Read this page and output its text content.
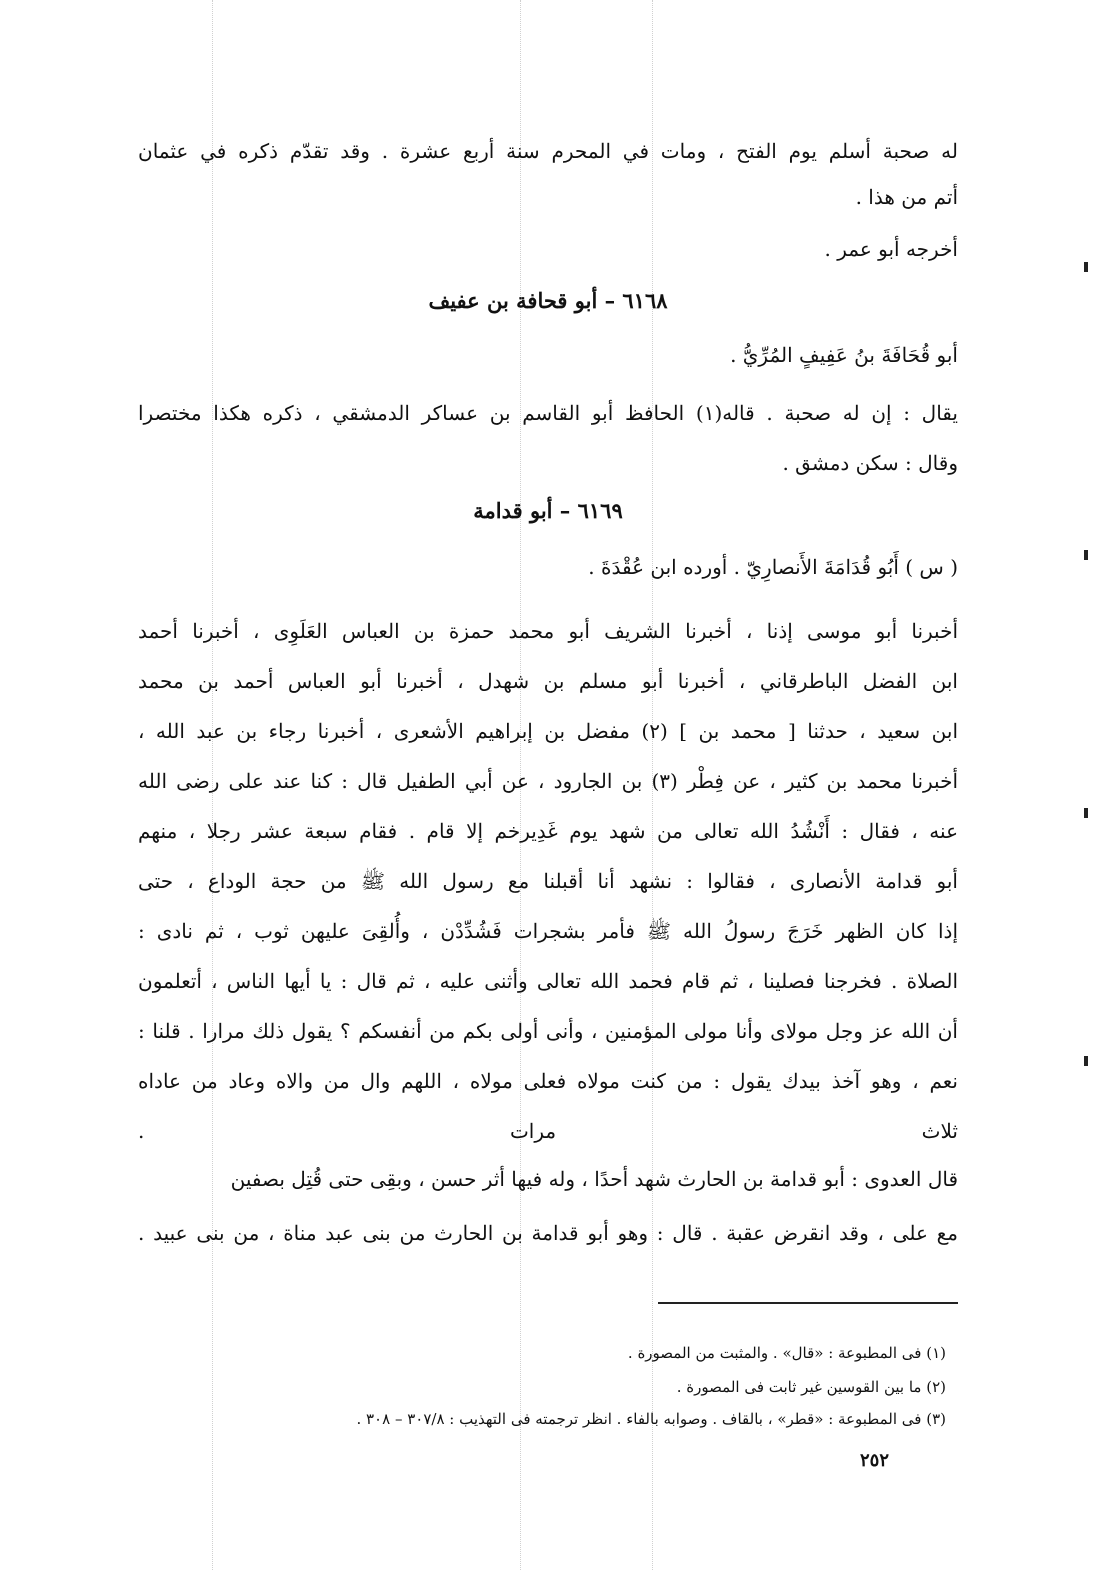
له صحبة أسلم يوم الفتح ، ومات في المحرم سنة أربع عشرة . وقد تقدّم ذكره في عثمان
أتم من هذا .
أخرجه أبو عمر .
٦١٦٨ – أبو قحافة بن عفيف
أبو قُحَافَةَ بنُ عَفِيفٍ المُرِّيُّ .
يقال : إن له صحبة . قاله(١) الحافظ أبو القاسم بن عساكر الدمشقي ، ذكره هكذا مختصرا
وقال : سكن دمشق .
٦١٦٩ – أبو قدامة
( س ) أَبُو قُدَامَةَ الأَنصارِيّ . أورده ابن عُقْدَةَ .
أخبرنا أبو موسى إذنا ، أخبرنا الشريف أبو محمد حمزة بن العباس العَلَوِى ، أخبرنا أحمد
ابن الفضل الباطرقاني ، أخبرنا أبو مسلم بن شهدل ، أخبرنا أبو العباس أحمد بن محمد
ابن سعيد ، حدثنا [ محمد بن ] (٢) مفضل بن إبراهيم الأشعرى ، أخبرنا رجاء بن عبد الله ،
أخبرنا محمد بن كثير ، عن فِطْر (٣) بن الجارود ، عن أبي الطفيل قال : كنا عند على رضى الله
عنه ، فقال : أَنْشُدُ الله تعالى من شهد يوم غَدِيرخم إلا قام . فقام سبعة عشر رجلا ، منهم
أبو قدامة الأنصارى ، فقالوا : نشهد أنا أقبلنا مع رسول الله ﷺ من حجة الوداع ، حتى
إذا كان الظهر خَرَجَ رسولُ الله ﷺ فأمر بشجرات فَشُدِّدْن ، وأُلقِىَ عليهن ثوب ، ثم نادى :
الصلاة . فخرجنا فصلينا ، ثم قام فحمد الله تعالى وأثنى عليه ، ثم قال : يا أيها الناس ، أتعلمون
أن الله عز وجل مولاى وأنا مولى المؤمنين ، وأنى أولى بكم من أنفسكم ؟ يقول ذلك مرارا . قلنا :
نعم ، وهو آخذ بيدك يقول : من كنت مولاه فعلى مولاه ، اللهم وال من والاه وعاد من عاداه
ثلاث مرات .
قال العدوى : أبو قدامة بن الحارث شهد أحدًا ، وله فيها أثر حسن ، وبقِى حتى قُتِل بصفين
مع على ، وقد انقرض عقبة . قال : وهو أبو قدامة بن الحارث من بنى عبد مناة ، من بنى عبيد .
(١) فى المطبوعة : «قال» . والمثبت من المصورة .
(٢) ما بين القوسين غير ثابت فى المصورة .
(٣) فى المطبوعة : «قطر» ، بالقاف . وصوابه بالفاء . انظر ترجمته فى التهذيب : ٣٠٧/٨ – ٣٠٨ .
٢٥٢
